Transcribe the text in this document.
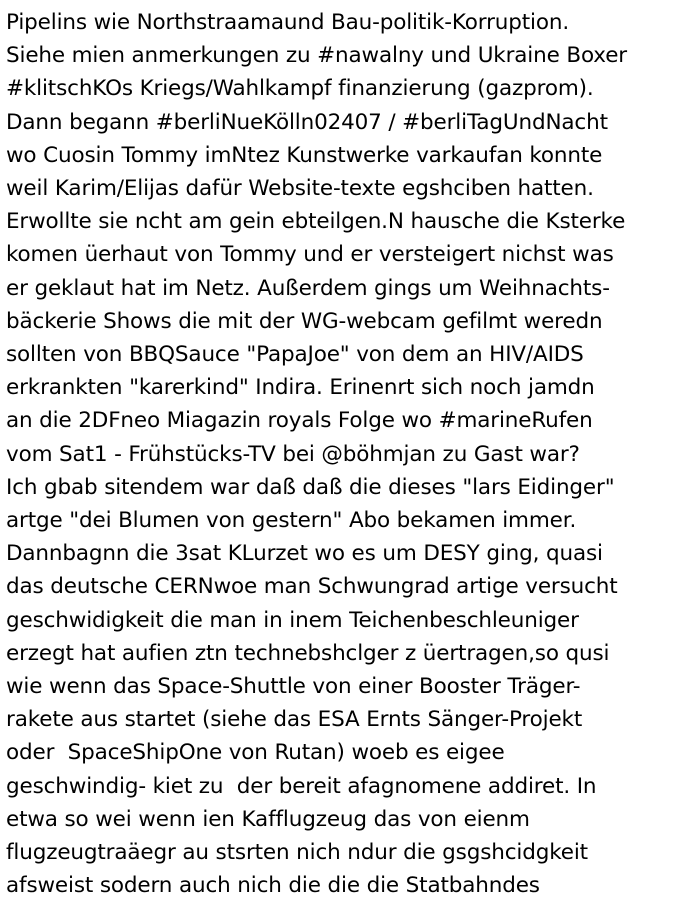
Pipelins wie Northstraamaund Bau-politik-Korruption.
Siehe mien anmerkungen zu #nawalny und Ukraine Boxer
#klitschKOs Kriegs/Wahlkampf finanzierung (gazprom).
Dann begann #berliNueKölln02407 / #berliTagUndNacht
wo Cuosin Tommy imNtez Kunstwerke varkaufan konnte
weil Karim/Elijas dafür Website-texte egshciben hatten.
Erwollte sie ncht am gein ebteilgen.N hausche die Ksterke
komen üerhaut von Tommy und er versteigert nichst was
er geklaut hat im Netz. Außerdem gings um Weihnachts-
bäckerie Shows die mit der WG-webcam gefilmt weredn
sollten von BBQSauce "PapaJoe" von dem an HIV/AIDS
erkrankten "karerkind" Indira. Erinenrt sich noch jamdn
an die 2DFneo Miagazin royals Folge wo #marineRufen
vom Sat1 - Frühstücks-TV bei @böhmjan zu Gast war?
Ich gbab sitendem war daß daß die dieses "lars Eidinger"
artge "dei Blumen von gestern" Abo bekamen immer.
Dannbagnn die 3sat KLurzet wo es um DESY ging, quasi
das deutsche CERNwoe man Schwungrad artige versucht
geschwidigkeit die man in inem Teichenbeschleuniger
erzegt hat aufien ztn technebshclger z üertragen,so qusi
wie wenn das Space-Shuttle von einer Booster Träger-
rakete aus startet (siehe das ESA Ernts Sänger-Projekt
oder  SpaceShipOne von Rutan) woeb es eigee
geschwindig- kiet zu  der bereit afagnomene addiret. In
etwa so wei wenn ien Kafflugzeug das von eienm
flugzeugtraäegr au stsrten nich ndur die gsgshcidgkeit
afsweist sodern auch nich die die die Statbahndes
